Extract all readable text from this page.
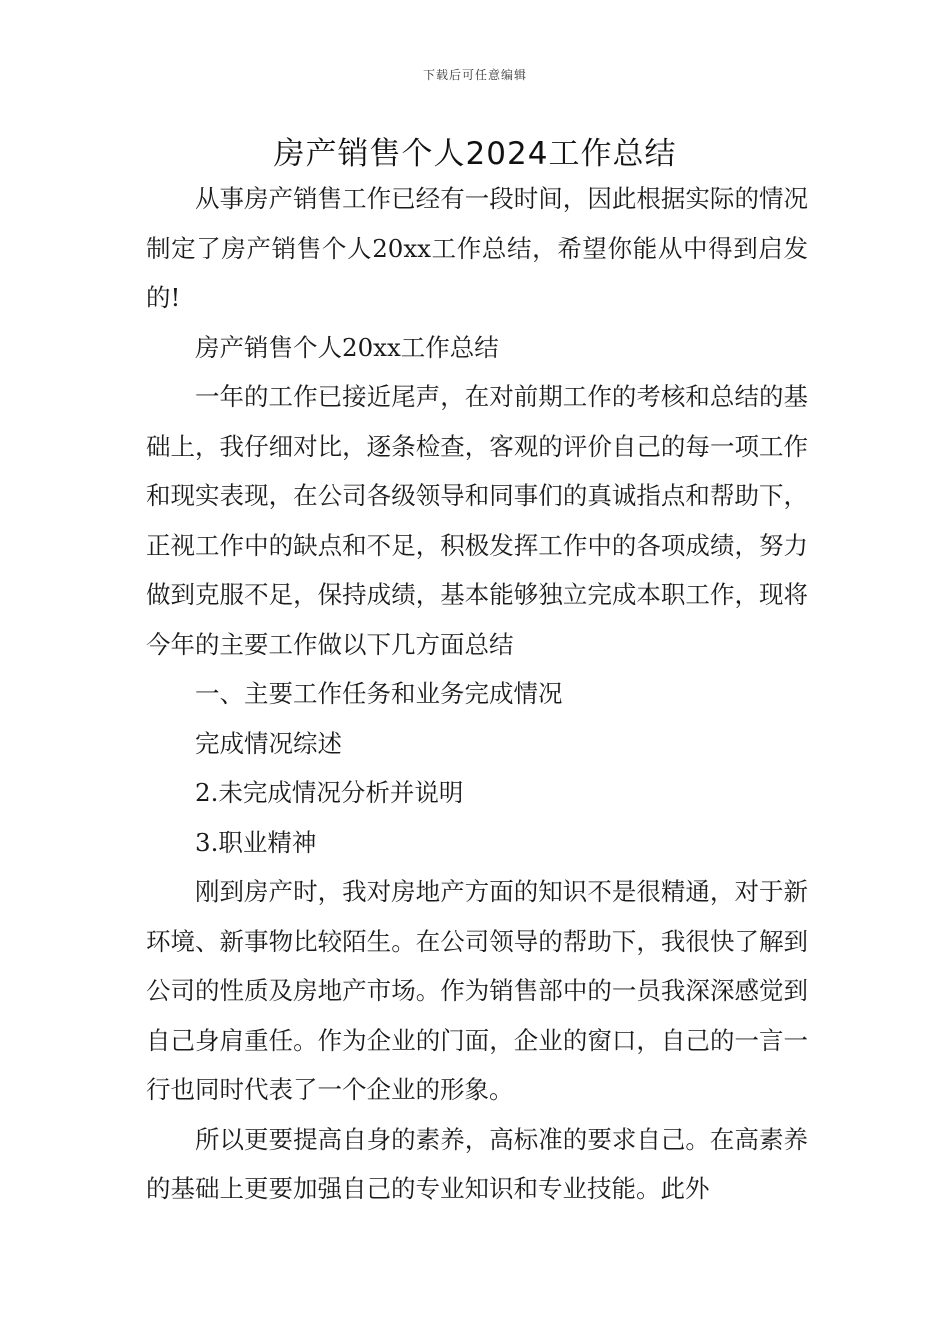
下载后可任意编辑
房产销售个人2024工作总结

从事房产销售工作已经有一段时间，因此根据实际的情况制定了房产销售个人20xx工作总结，希望你能从中得到启发的!

房产销售个人20xx工作总结

一年的工作已接近尾声，在对前期工作的考核和总结的基础上，我仔细对比，逐条检查，客观的评价自己的每一项工作和现实表现，在公司各级领导和同事们的真诚指点和帮助下，正视工作中的缺点和不足，积极发挥工作中的各项成绩，努力做到克服不足，保持成绩，基本能够独立完成本职工作，现将今年的主要工作做以下几方面总结

一、主要工作任务和业务完成情况

完成情况综述

2.未完成情况分析并说明

3.职业精神

刚到房产时，我对房地产方面的知识不是很精通，对于新环境、新事物比较陌生。在公司领导的帮助下，我很快了解到公司的性质及房地产市场。作为销售部中的一员我深深感觉到自己身肩重任。作为企业的门面，企业的窗口，自己的一言一行也同时代表了一个企业的形象。

所以更要提高自身的素养，高标准的要求自己。在高素养的基础上更要加强自己的专业知识和专业技能。此外
